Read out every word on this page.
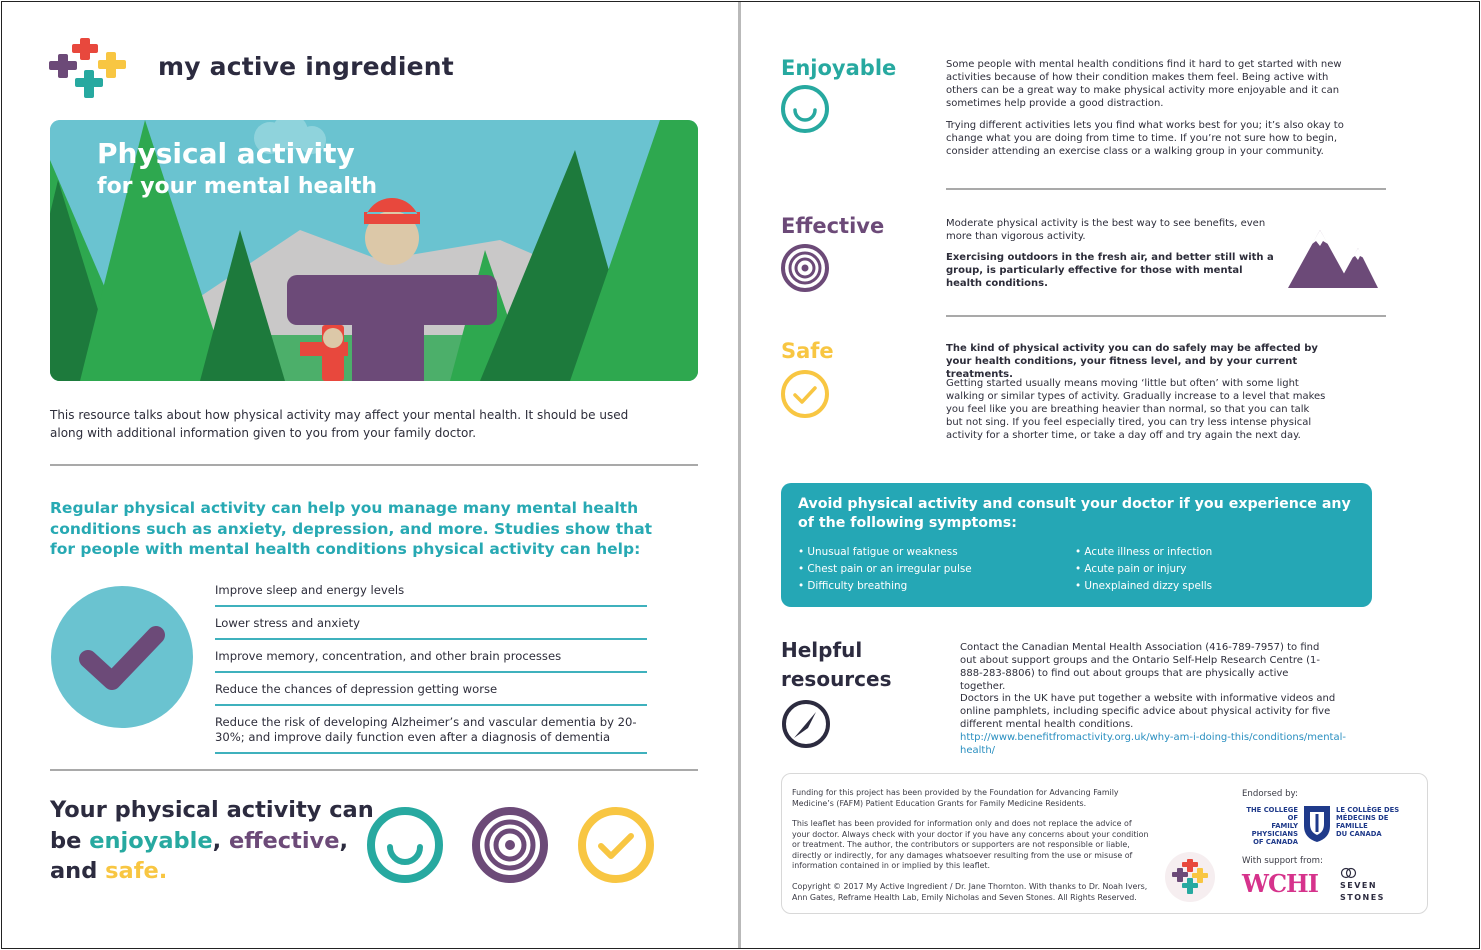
my active ingredient
Physical activity
for your mental health
This resource talks about how physical activity may affect your mental health. It should be used along with additional information given to you from your family doctor.
Regular physical activity can help you manage many mental health conditions such as anxiety, depression, and more. Studies show that for people with mental health conditions physical activity can help:
Improve sleep and energy levels
Lower stress and anxiety
Improve memory, concentration, and other brain processes
Reduce the chances of depression getting worse
Reduce the risk of developing Alzheimer’s and vascular dementia by 20-30%; and improve daily function even after a diagnosis of dementia
Your physical activity can
be enjoyable, effective,
and safe.
Enjoyable	Some people with mental health conditions find it hard to get started with new activities because of how their condition makes them feel. Being active with others can be a great way to make physical activity more enjoyable and it can sometimes help provide a good distraction.
Trying different activities lets you find what works best for you; it’s also okay to change what you are doing from time to time. If you’re not sure how to begin, consider attending an exercise class or a walking group in your community.
Effective	Moderate physical activity is the best way to see benefits, even more than vigorous activity.
Exercising outdoors in the fresh air, and better still with a group, is particularly effective for those with mental health conditions.
Safe	The kind of physical activity you can do safely may be affected by your health conditions, your fitness level, and by your current treatments.
Getting started usually means moving ‘little but often’ with some light walking or similar types of activity. Gradually increase to a level that makes you feel like you are breathing heavier than normal, so that you can talk but not sing. If you feel especially tired, you can try less intense physical activity for a shorter time, or take a day off and try again the next day.
Avoid physical activity and consult your doctor if you experience any of the following symptoms:
• Unusual fatigue or weakness
• Chest pain or an irregular pulse
• Difficulty breathing
• Acute illness or infection
• Acute pain or injury
• Unexplained dizzy spells
Helpful
resources
Contact the Canadian Mental Health Association (416-789-7957) to find out about support groups and the Ontario Self-Help Research Centre (1-888-283-8806) to find out about groups that are physically active together.
Doctors in the UK have put together a website with informative videos and online pamphlets, including specific advice about physical activity for five different mental health conditions.
http://www.benefitfromactivity.org.uk/why-am-i-doing-this/conditions/mental-health/
Funding for this project has been provided by the Foundation for Advancing Family Medicine’s (FAFM) Patient Education Grants for Family Medicine Residents.
This leaflet has been provided for information only and does not replace the advice of your doctor. Always check with your doctor if you have any concerns about your condition or treatment. The author, the contributors or supporters are not responsible or liable, directly or indirectly, for any damages whatsoever resulting from the use or misuse of information contained in or implied by this leaflet.
Copyright © 2017 My Active Ingredient / Dr. Jane Thornton. With thanks to Dr. Noah Ivers, Ann Gates, Reframe Health Lab, Emily Nicholas and Seven Stones. All Rights Reserved.
Endorsed by:
THE COLLEGE OF
FAMILY PHYSICIANS
OF CANADA
LE COLLÈGE DES
MÉDECINS DE FAMILLE
DU CANADA
With support from:
WCHI	SEVEN
STONES
